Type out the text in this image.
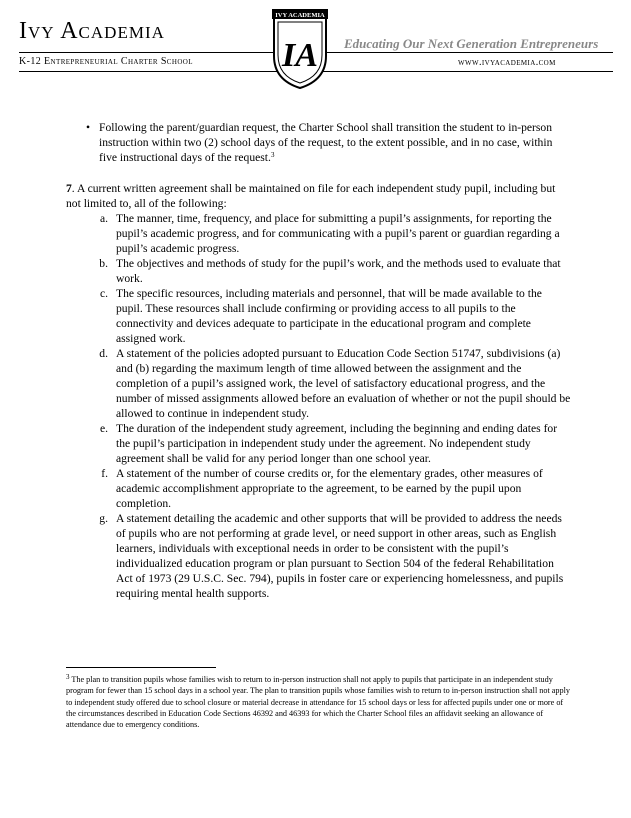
Ivy Academia
K-12 Entrepreneurial Charter School
Educating Our Next Generation Entrepreneurs
www.ivyacademia.com
IVY ACADEMIA
IA
• Following the parent/guardian request, the Charter School shall transition the student to in-person instruction within two (2) school days of the request, to the extent possible, and in no case, within five instructional days of the request.$^3$
7. A current written agreement shall be maintained on file for each independent study pupil, including but not limited to, all of the following:
a. The manner, time, frequency, and place for submitting a pupil’s assignments, for reporting the pupil’s academic progress, and for communicating with a pupil’s parent or guardian regarding a pupil’s academic progress.
b. The objectives and methods of study for the pupil’s work, and the methods used to evaluate that work.
c. The specific resources, including materials and personnel, that will be made available to the pupil. These resources shall include confirming or providing access to all pupils to the connectivity and devices adequate to participate in the educational program and complete assigned work.
d. A statement of the policies adopted pursuant to Education Code Section 51747, subdivisions (a) and (b) regarding the maximum length of time allowed between the assignment and the completion of a pupil’s assigned work, the level of satisfactory educational progress, and the number of missed assignments allowed before an evaluation of whether or not the pupil should be allowed to continue in independent study.
e. The duration of the independent study agreement, including the beginning and ending dates for the pupil’s participation in independent study under the agreement. No independent study agreement shall be valid for any period longer than one school year.
f. A statement of the number of course credits or, for the elementary grades, other measures of academic accomplishment appropriate to the agreement, to be earned by the pupil upon completion.
g. A statement detailing the academic and other supports that will be provided to address the needs of pupils who are not performing at grade level, or need support in other areas, such as English learners, individuals with exceptional needs in order to be consistent with the pupil’s individualized education program or plan pursuant to Section 504 of the federal Rehabilitation Act of 1973 (29 U.S.C. Sec. 794), pupils in foster care or experiencing homelessness, and pupils requiring mental health supports.
$^3$ The plan to transition pupils whose families wish to return to in-person instruction shall not apply to pupils that participate in an independent study program for fewer than 15 school days in a school year. The plan to transition pupils whose families wish to return to in-person instruction shall not apply to independent study offered due to school closure or material decrease in attendance for 15 school days or less for affected pupils under one or more of the circumstances described in Education Code Sections 46392 and 46393 for which the Charter School files an affidavit seeking an allowance of attendance due to emergency conditions.
